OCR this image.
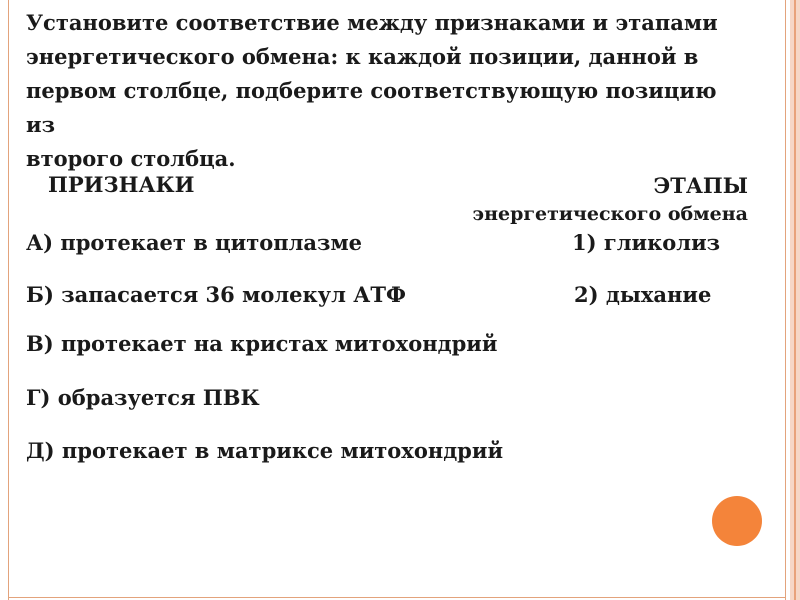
Установите соответствие между признаками и этапами
энергетического обмена: к каждой позиции, данной в
первом столбце, подберите соответствующую позицию из
второго столбца.
ПРИЗНАКИ	ЭТАПЫ
энергетического обмена
А) протекает в цитоплазме
Б) запасается 36 молекул АТФ
В) протекает на кристах митохондрий
Г) образуется ПВК
Д) протекает в матриксе митохондрий
1) гликолиз
2) дыхание
